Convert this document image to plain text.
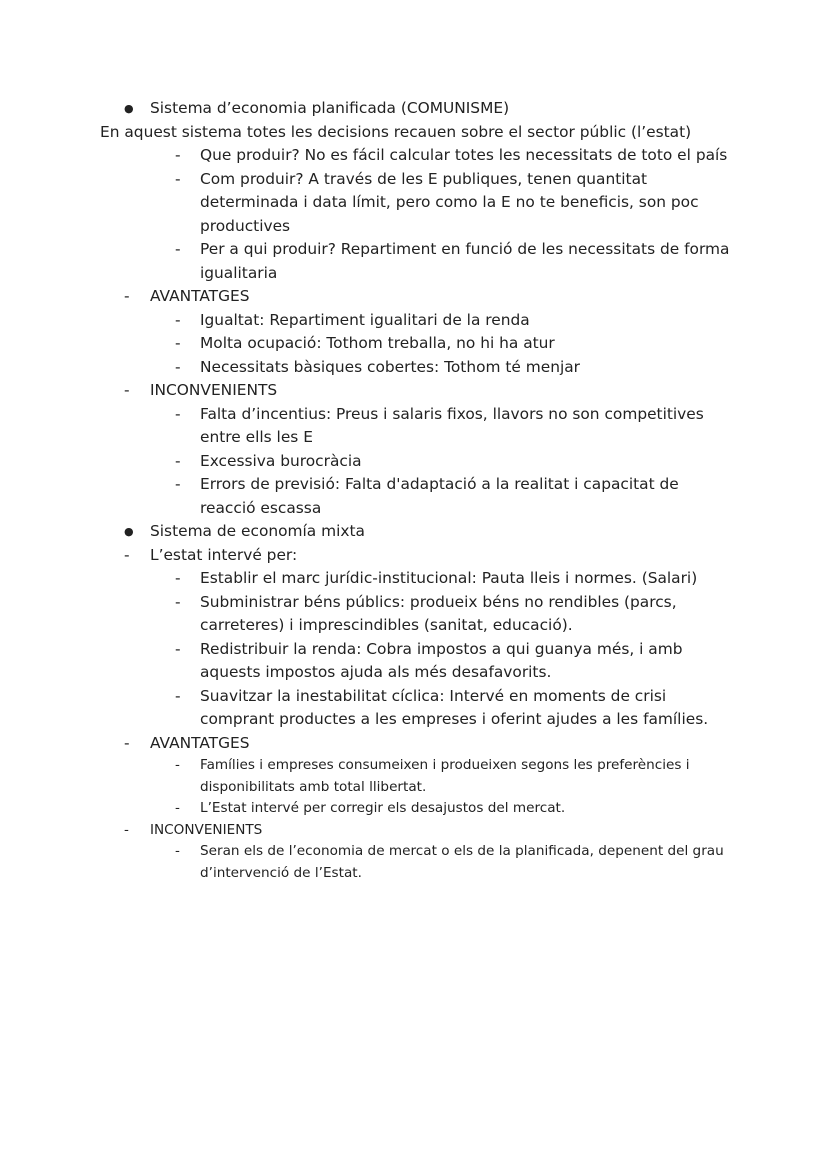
● Sistema d’economia planificada (COMUNISME)
En aquest sistema totes les decisions recauen sobre el sector públic (l’estat)
- Que produir? No es fácil calcular totes les necessitats de toto el país
- Com produir? A través de les E publiques, tenen quantitat determinada i data límit, pero como la E no te beneficis, son poc productives
- Per a qui produir? Repartiment en funció de les necessitats de forma igualitaria
- AVANTATGES
- Igualtat: Repartiment igualitari de la renda
- Molta ocupació: Tothom treballa, no hi ha atur
- Necessitats bàsiques cobertes: Tothom té menjar
- INCONVENIENTS
- Falta d’incentius: Preus i salaris fixos, llavors no son competitives entre ells les E
- Excessiva burocràcia
- Errors de previsió: Falta d'adaptació a la realitat i capacitat de reacció escassa
● Sistema de economía mixta
- L’estat intervé per:
- Establir el marc jurídic-institucional: Pauta lleis i normes. (Salari)
- Subministrar béns públics: produeix béns no rendibles (parcs, carreteres) i imprescindibles (sanitat, educació).
- Redistribuir la renda: Cobra impostos a qui guanya més, i amb aquests impostos ajuda als més desafavorits.
- Suavitzar la inestabilitat cíclica: Intervé en moments de crisi comprant productes a les empreses i oferint ajudes a les famílies.
- AVANTATGES
- Famílies i empreses consumeixen i produeixen segons les preferències i disponibilitats amb total llibertat.
- L’Estat intervé per corregir els desajustos del mercat.
- INCONVENIENTS
- Seran els de l’economia de mercat o els de la planificada, depenent del grau d’intervenció de l’Estat.
